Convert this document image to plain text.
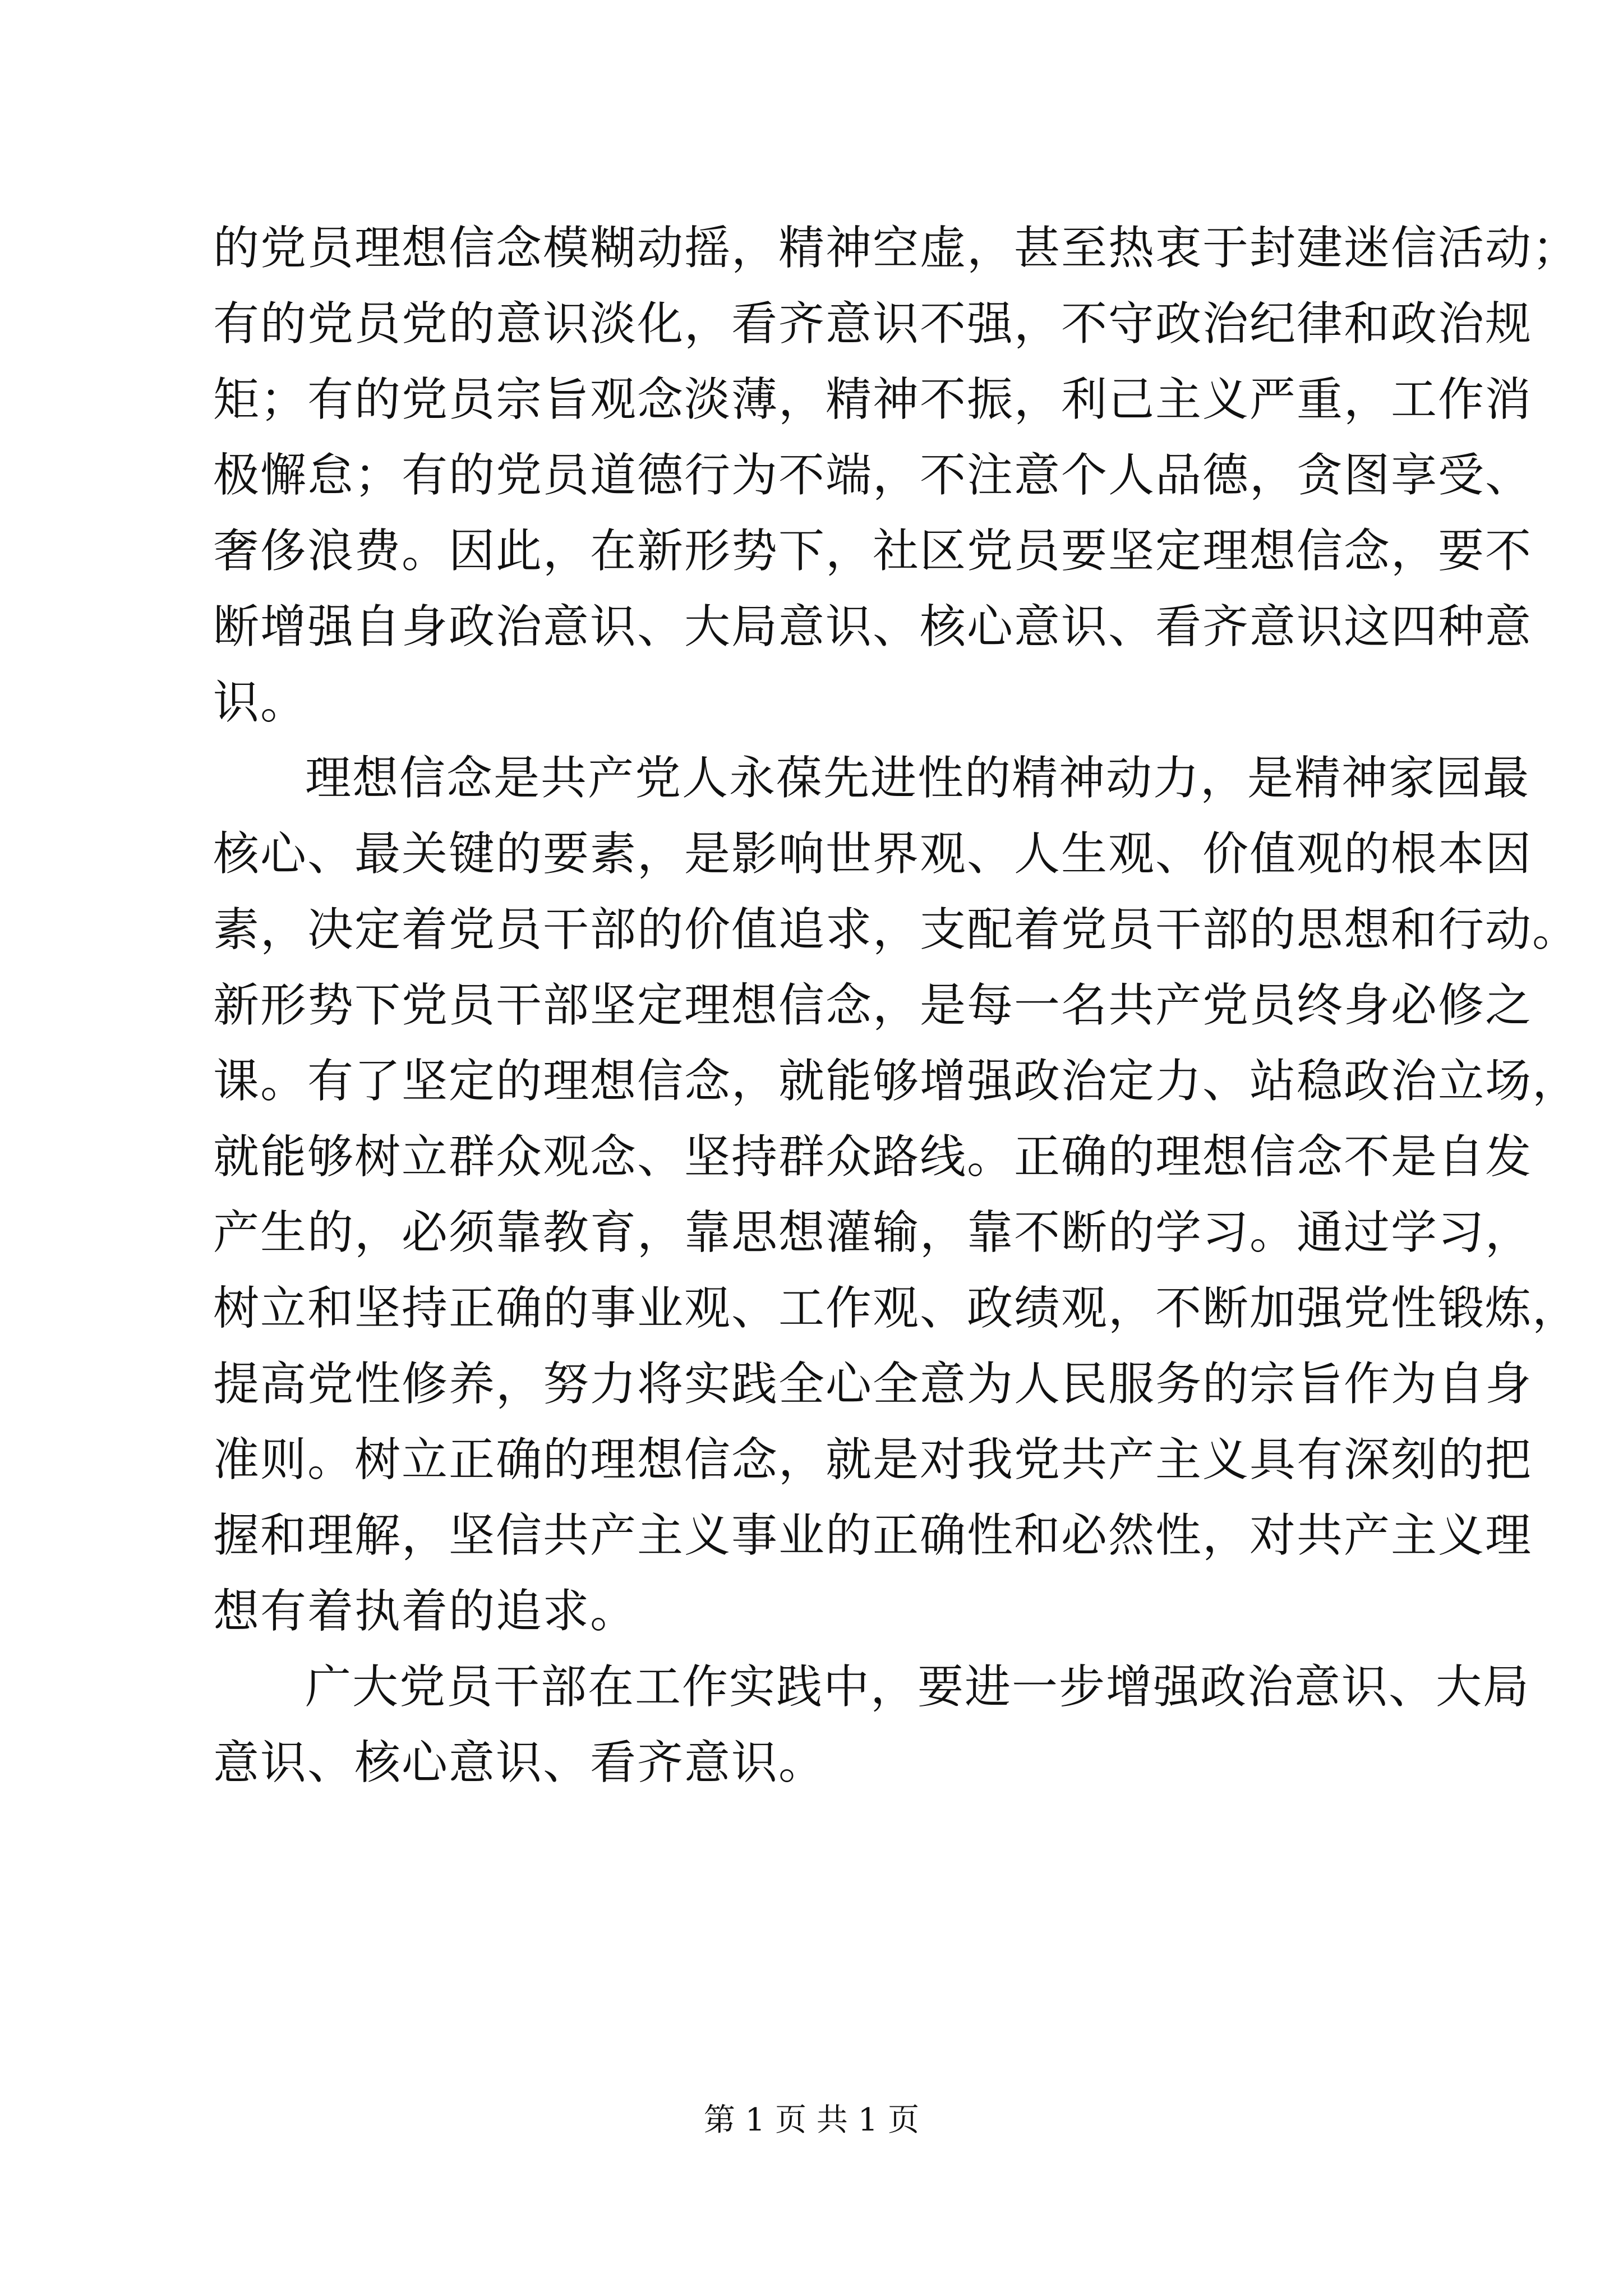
的党员理想信念模糊动摇，精神空虚，甚至热衷于封建迷信活动；
有的党员党的意识淡化，看齐意识不强，不守政治纪律和政治规
矩；有的党员宗旨观念淡薄，精神不振，利己主义严重，工作消
极懈怠；有的党员道德行为不端，不注意个人品德，贪图享受、
奢侈浪费。因此，在新形势下，社区党员要坚定理想信念，要不
断增强自身政治意识、大局意识、核心意识、看齐意识这四种意
识。
理想信念是共产党人永葆先进性的精神动力，是精神家园最
核心、最关键的要素，是影响世界观、人生观、价值观的根本因
素，决定着党员干部的价值追求，支配着党员干部的思想和行动。
新形势下党员干部坚定理想信念，是每一名共产党员终身必修之
课。有了坚定的理想信念，就能够增强政治定力、站稳政治立场，
就能够树立群众观念、坚持群众路线。正确的理想信念不是自发
产生的，必须靠教育，靠思想灌输，靠不断的学习。通过学习，
树立和坚持正确的事业观、工作观、政绩观，不断加强党性锻炼，
提高党性修养，努力将实践全心全意为人民服务的宗旨作为自身
准则。树立正确的理想信念，就是对我党共产主义具有深刻的把
握和理解，坚信共产主义事业的正确性和必然性，对共产主义理
想有着执着的追求。
广大党员干部在工作实践中，要进一步增强政治意识、大局
意识、核心意识、看齐意识。
第 1 页 共 1 页
